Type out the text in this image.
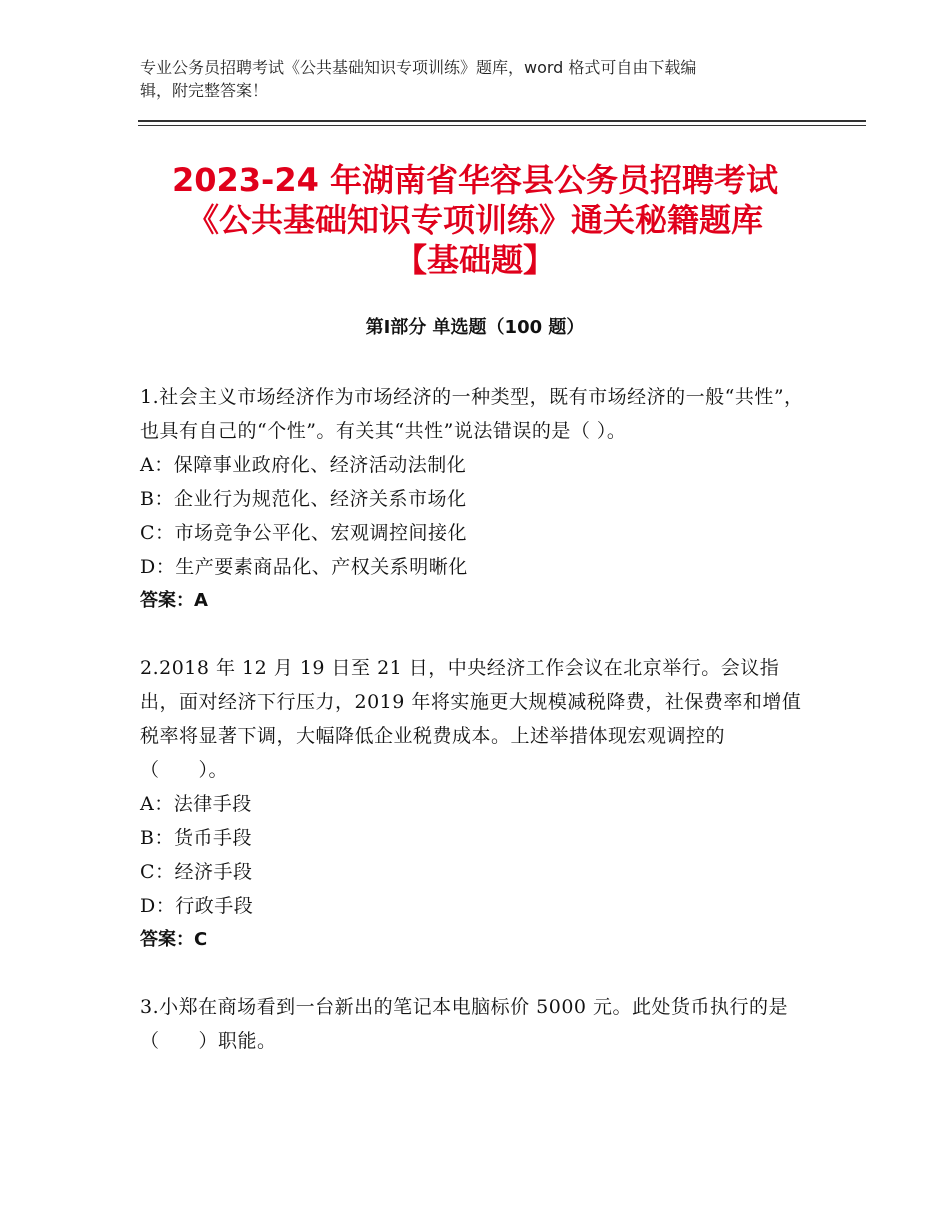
专业公务员招聘考试《公共基础知识专项训练》题库，word 格式可自由下载编
辑，附完整答案！
2023-24 年湖南省华容县公务员招聘考试
《公共基础知识专项训练》通关秘籍题库
【基础题】
第Ⅰ部分 单选题（100 题）

1.社会主义市场经济作为市场经济的一种类型，既有市场经济的一般“共性”，也具有自己的“个性”。有关其“共性”说法错误的是（ ）。

A：保障事业政府化、经济活动法制化

B：企业行为规范化、经济关系市场化

C：市场竞争公平化、宏观调控间接化

D：生产要素商品化、产权关系明晰化

答案：A

2.2018 年 12 月 19 日至 21 日，中央经济工作会议在北京举行。会议指出，面对经济下行压力，2019 年将实施更大规模减税降费，社保费率和增值税率将显著下调，大幅降低企业税费成本。上述举措体现宏观调控的（　　）。

A：法律手段

B：货币手段

C：经济手段

D：行政手段

答案：C

3.小郑在商场看到一台新出的笔记本电脑标价 5000 元。此处货币执行的是（　　）职能。
